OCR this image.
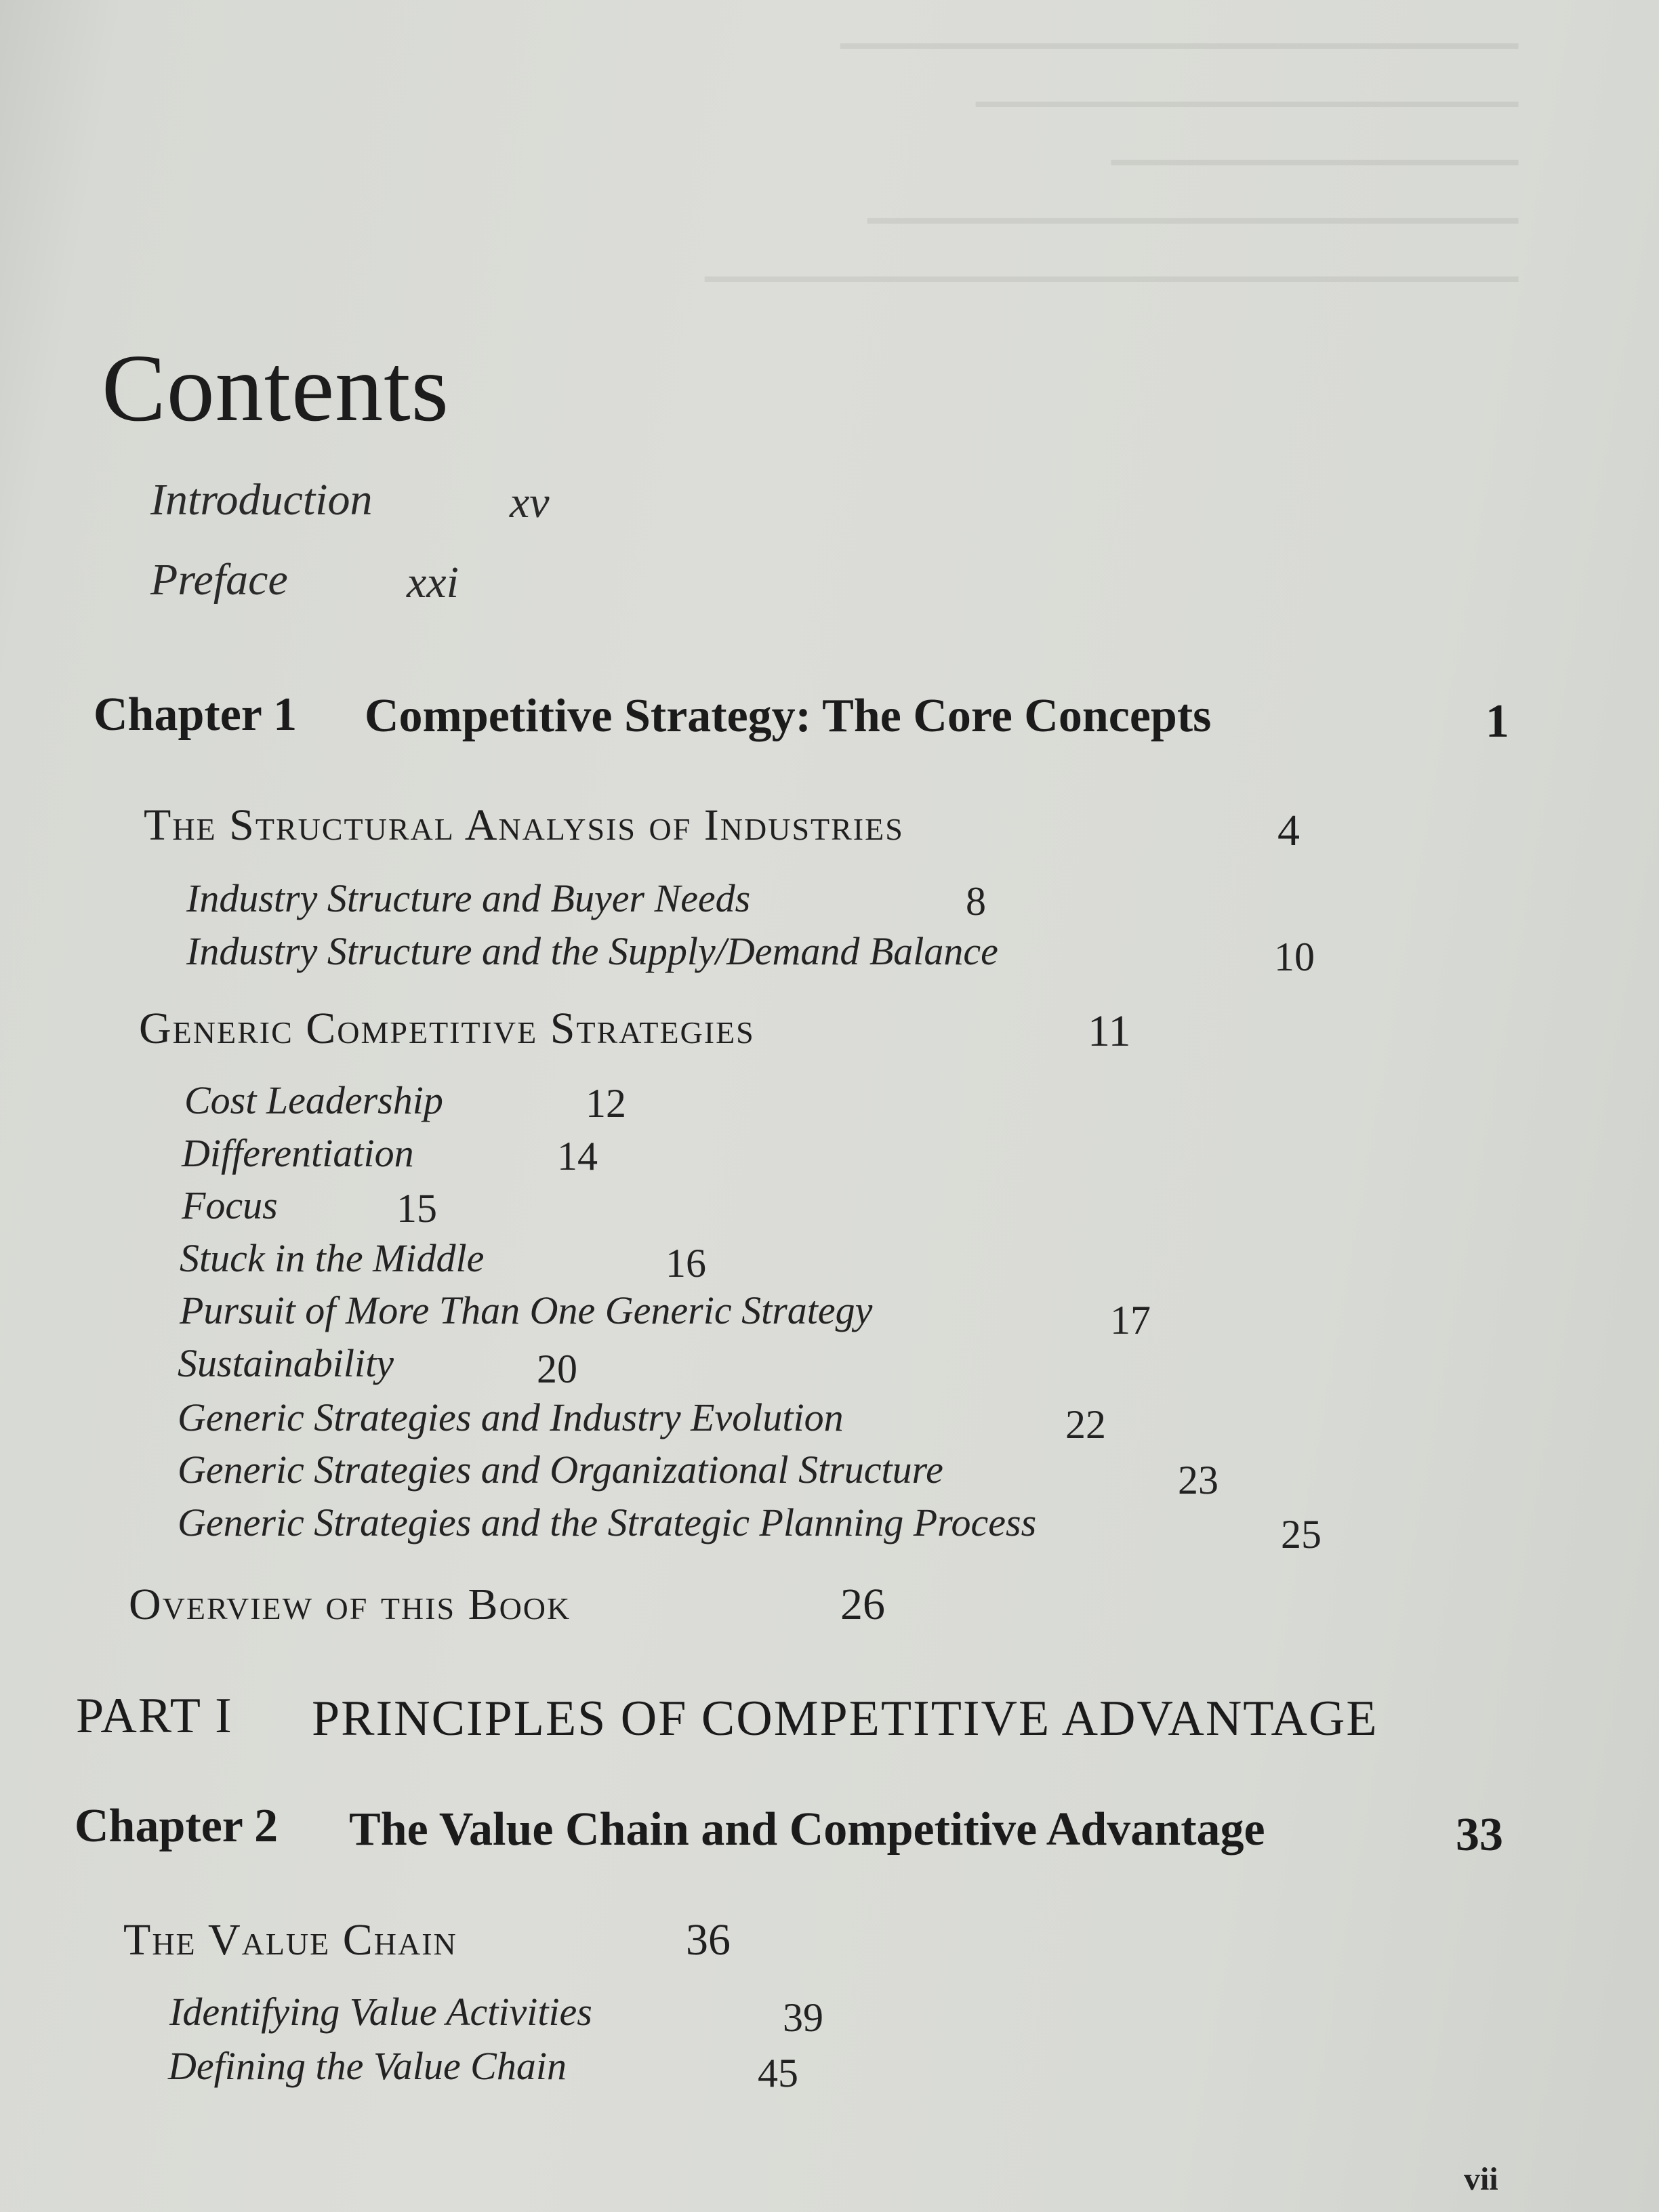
▁▁▁▁▁▁▁▁▁▁▁▁▁▁▁▁▁▁▁▁▁▁▁▁▁
▁▁▁▁▁▁▁▁▁▁▁▁▁▁▁▁▁▁▁▁
▁▁▁▁▁▁▁▁▁▁▁▁▁▁▁
▁▁▁▁▁▁▁▁▁▁▁▁▁▁▁▁▁▁▁▁▁▁▁▁
▁▁▁▁▁▁▁▁▁▁▁▁▁▁▁▁▁▁▁▁▁▁▁▁▁▁▁▁▁▁
Contents
Introduction	xv
Preface	xxi
Chapter 1 Competitive Strategy: The Core Concepts	1
The Structural Analysis of Industries	4
Industry Structure and Buyer Needs	8
Industry Structure and the Supply/Demand Balance	10
Generic Competitive Strategies	11
Cost Leadership	12
Differentiation	14
Focus	15
Stuck in the Middle	16
Pursuit of More Than One Generic Strategy	17
Sustainability	20
Generic Strategies and Industry Evolution	22
Generic Strategies and Organizational Structure	23
Generic Strategies and the Strategic Planning Process	25
Overview of this Book	26
PART I PRINCIPLES OF COMPETITIVE ADVANTAGE
Chapter 2 The Value Chain and Competitive Advantage	33
The Value Chain	36
Identifying Value Activities	39
Defining the Value Chain	45
vii
